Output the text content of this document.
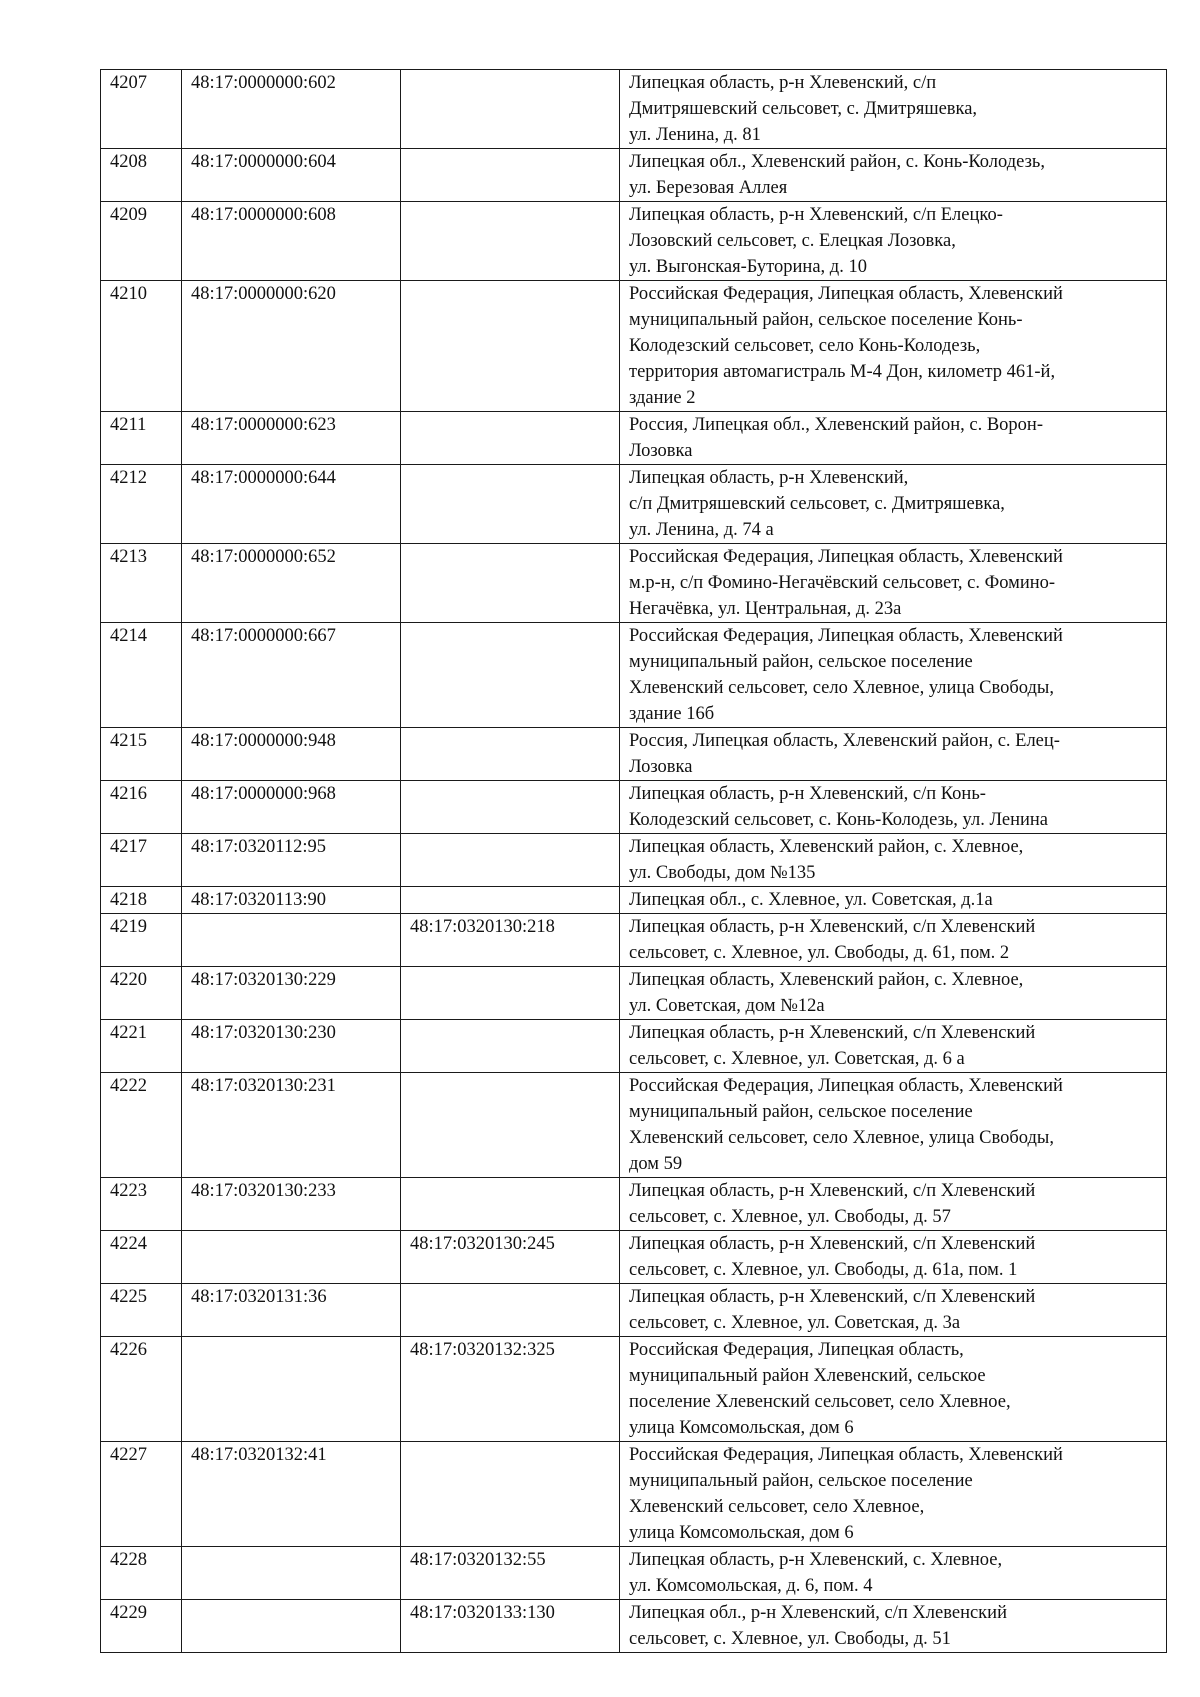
4207	48:17:0000000:602		Липецкая область, р-н Хлевенский, с/п
Дмитряшевский сельсовет, с. Дмитряшевка,
ул. Ленина, д. 81

4208	48:17:0000000:604		Липецкая обл., Хлевенский район, с. Конь-Колодезь,
ул. Березовая Аллея

4209	48:17:0000000:608		Липецкая область, р-н Хлевенский, с/п Елецко-
Лозовский сельсовет, с. Елецкая Лозовка,
ул. Выгонская-Буторина, д. 10

4210	48:17:0000000:620		Российская Федерация, Липецкая область, Хлевенский
муниципальный район, сельское поселение Конь-
Колодезский сельсовет, село Конь-Колодезь,
территория автомагистраль М-4 Дон, километр 461-й,
здание 2

4211	48:17:0000000:623		Россия, Липецкая обл., Хлевенский район, с. Ворон-
Лозовка

4212	48:17:0000000:644		Липецкая область, р-н Хлевенский,
с/п Дмитряшевский сельсовет, с. Дмитряшевка,
ул. Ленина, д. 74 а

4213	48:17:0000000:652		Российская Федерация, Липецкая область, Хлевенский
м.р-н, с/п Фомино-Негачёвский сельсовет, с. Фомино-
Негачёвка, ул. Центральная, д. 23а

4214	48:17:0000000:667		Российская Федерация, Липецкая область, Хлевенский
муниципальный район, сельское поселение
Хлевенский сельсовет, село Хлевное, улица Свободы,
здание 16б

4215	48:17:0000000:948		Россия, Липецкая область, Хлевенский район, с. Елец-
Лозовка

4216	48:17:0000000:968		Липецкая область, р-н Хлевенский, с/п Конь-
Колодезский сельсовет, с. Конь-Колодезь, ул. Ленина

4217	48:17:0320112:95		Липецкая область, Хлевенский район, с. Хлевное,
ул. Свободы, дом №135

4218	48:17:0320113:90		Липецкая обл., с. Хлевное, ул. Советская, д.1а

4219		48:17:0320130:218	Липецкая область, р-н Хлевенский, с/п Хлевенский
сельсовет, с. Хлевное, ул. Свободы, д. 61, пом. 2

4220	48:17:0320130:229		Липецкая область, Хлевенский район, с. Хлевное,
ул. Советская, дом №12а

4221	48:17:0320130:230		Липецкая область, р-н Хлевенский, с/п Хлевенский
сельсовет, с. Хлевное, ул. Советская, д. 6 а

4222	48:17:0320130:231		Российская Федерация, Липецкая область, Хлевенский
муниципальный район, сельское поселение
Хлевенский сельсовет, село Хлевное, улица Свободы,
дом 59

4223	48:17:0320130:233		Липецкая область, р-н Хлевенский, с/п Хлевенский
сельсовет, с. Хлевное, ул. Свободы, д. 57

4224		48:17:0320130:245	Липецкая область, р-н Хлевенский, с/п Хлевенский
сельсовет, с. Хлевное, ул. Свободы, д. 61а, пом. 1

4225	48:17:0320131:36		Липецкая область, р-н Хлевенский, с/п Хлевенский
сельсовет, с. Хлевное, ул. Советская, д. 3а

4226		48:17:0320132:325	Российская Федерация, Липецкая область,
муниципальный район Хлевенский, сельское
поселение Хлевенский сельсовет, село Хлевное,
улица Комсомольская, дом 6

4227	48:17:0320132:41		Российская Федерация, Липецкая область, Хлевенский
муниципальный район, сельское поселение
Хлевенский сельсовет, село Хлевное,
улица Комсомольская, дом 6

4228		48:17:0320132:55	Липецкая область, р-н Хлевенский, с. Хлевное,
ул. Комсомольская, д. 6, пом. 4

4229		48:17:0320133:130	Липецкая обл., р-н Хлевенский, с/п Хлевенский
сельсовет, с. Хлевное, ул. Свободы, д. 51
